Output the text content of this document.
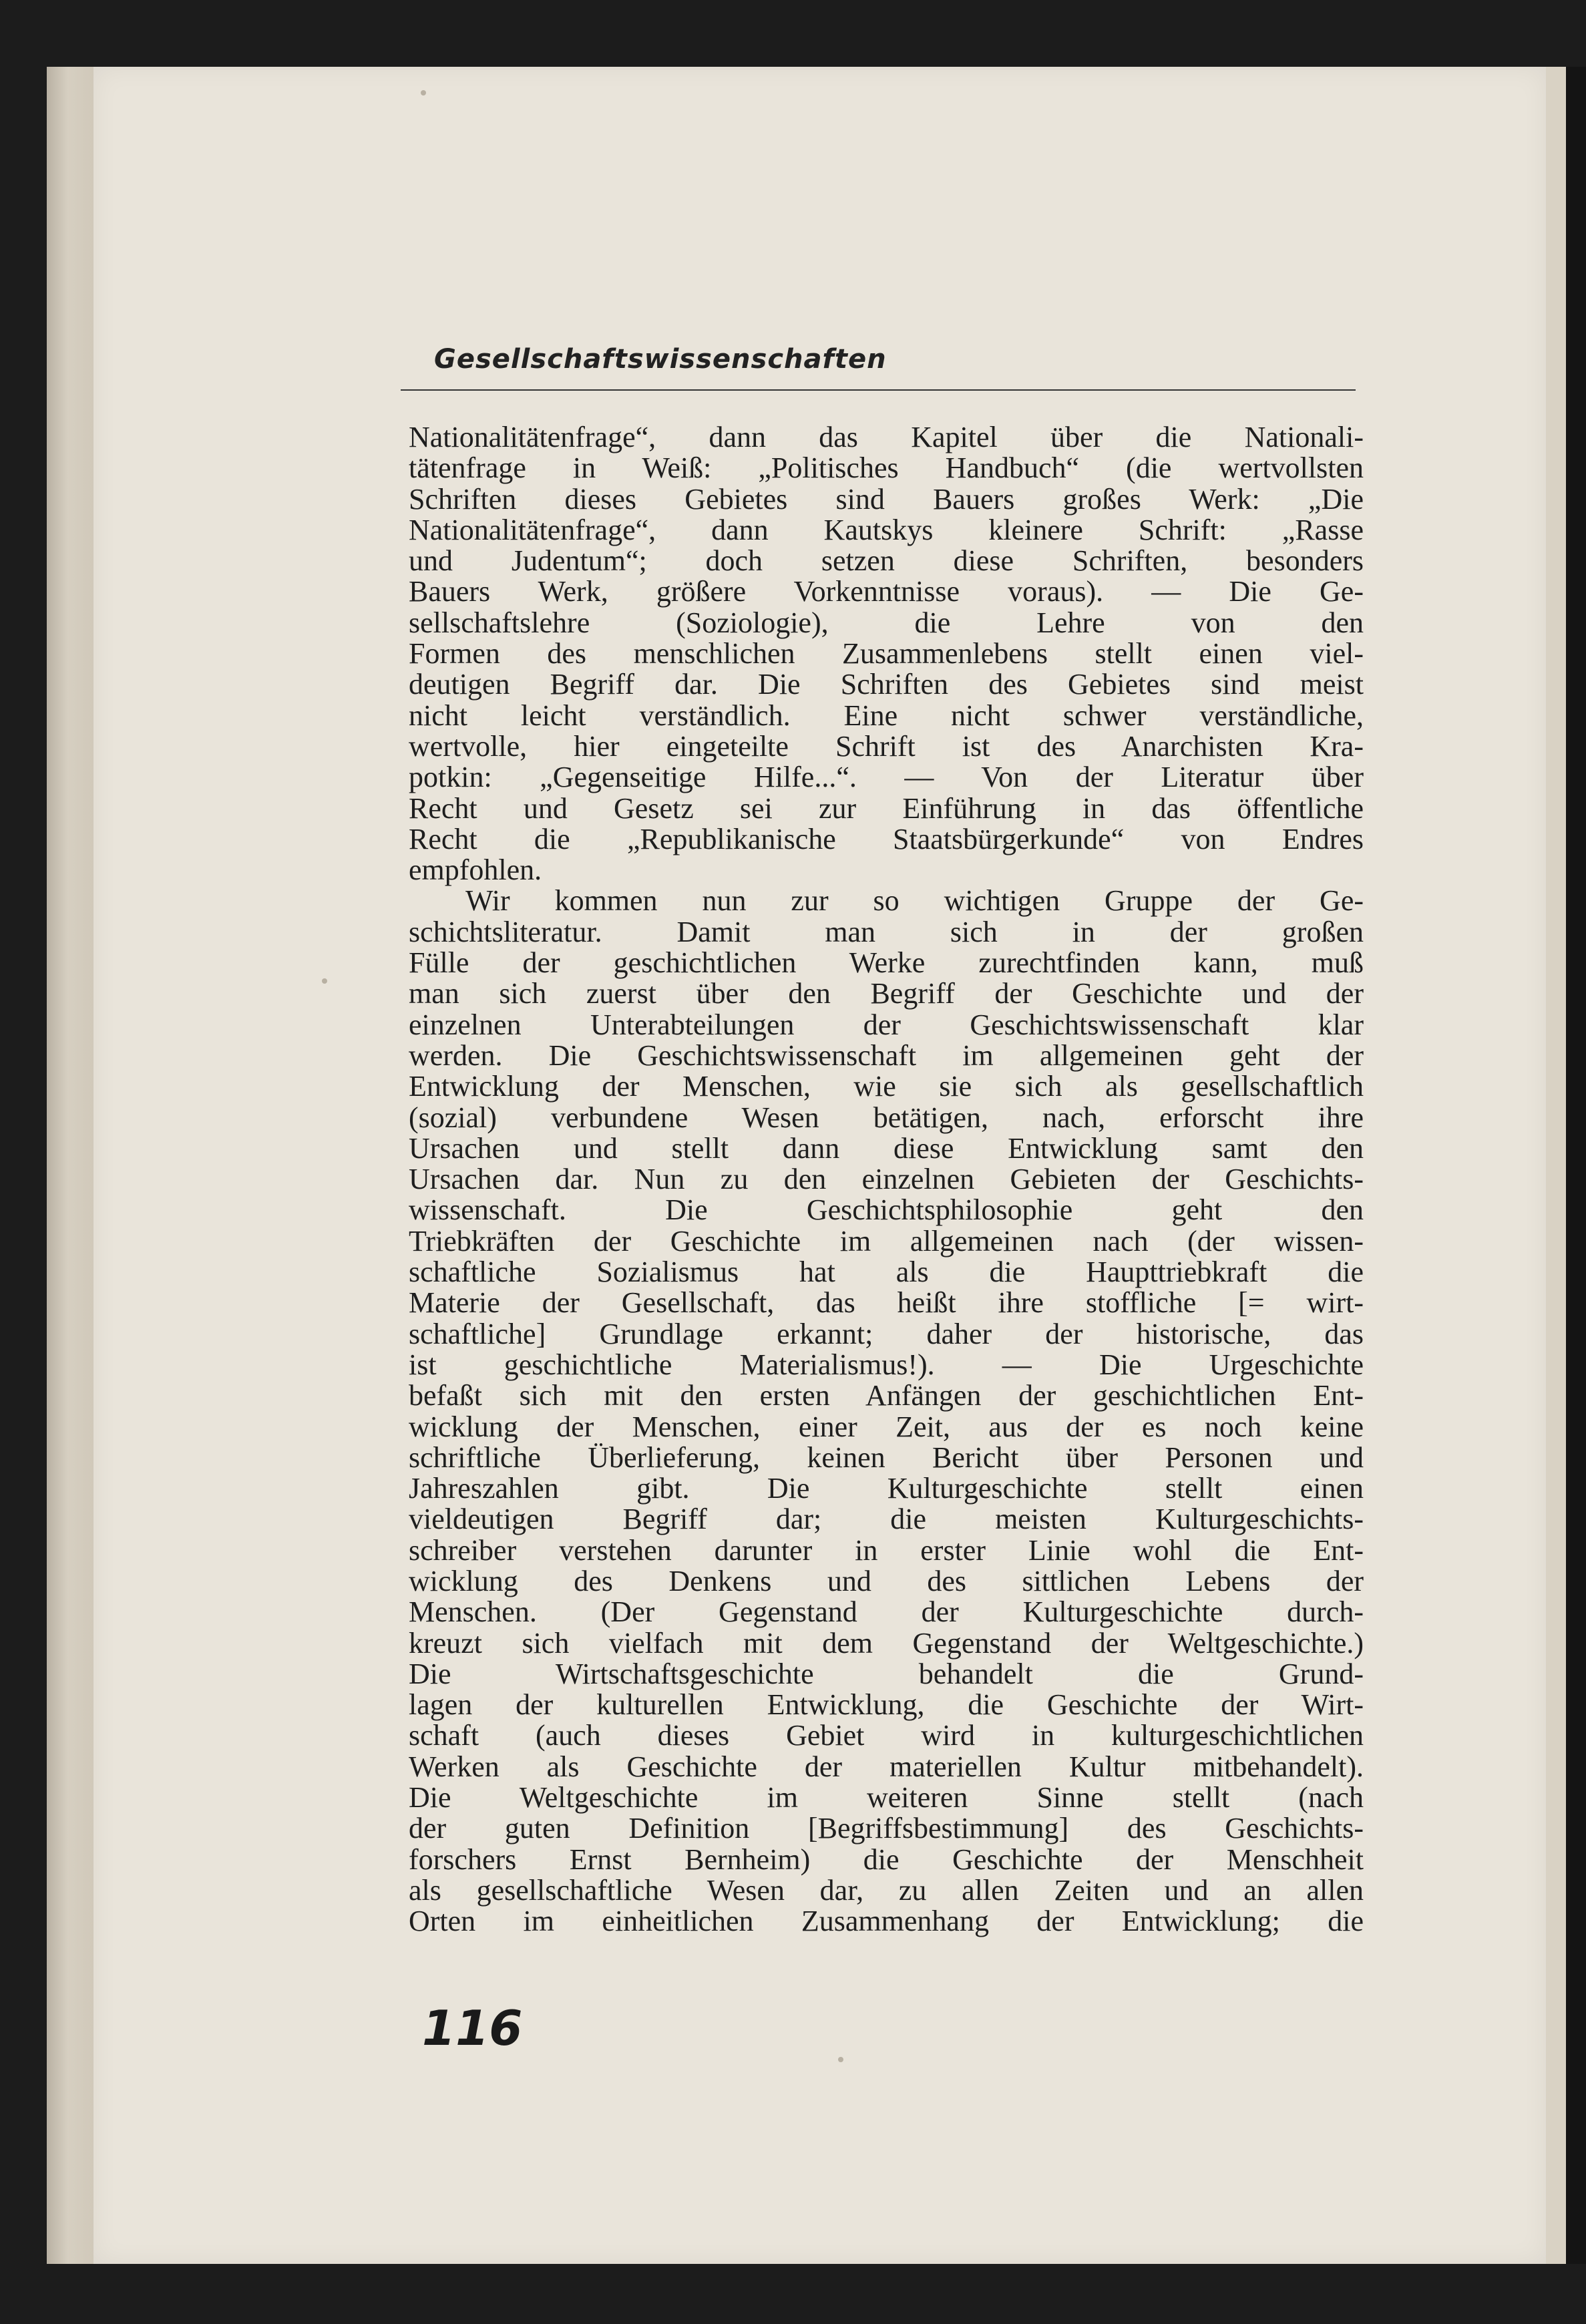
Gesellschaftswissenschaften
Nationalitätenfrage“, dann das Kapitel über die Nationali-
tätenfrage in Weiß: „Politisches Handbuch“ (die wertvollsten
Schriften dieses Gebietes sind Bauers großes Werk: „Die
Nationalitätenfrage“, dann Kautskys kleinere Schrift: „Rasse
und Judentum“; doch setzen diese Schriften, besonders
Bauers Werk, größere Vorkenntnisse voraus). — Die Ge-
sellschaftslehre (Soziologie), die Lehre von den
Formen des menschlichen Zusammenlebens stellt einen viel-
deutigen Begriff dar. Die Schriften des Gebietes sind meist
nicht leicht verständlich. Eine nicht schwer verständliche,
wertvolle, hier eingeteilte Schrift ist des Anarchisten Kra-
potkin: „Gegenseitige Hilfe...“. — Von der Literatur über
Recht und Gesetz sei zur Einführung in das öffentliche
Recht die „Republikanische Staatsbürgerkunde“ von Endres
empfohlen.
Wir kommen nun zur so wichtigen Gruppe der Ge-
schichtsliteratur. Damit man sich in der großen
Fülle der geschichtlichen Werke zurechtfinden kann, muß
man sich zuerst über den Begriff der Geschichte und der
einzelnen Unterabteilungen der Geschichtswissenschaft klar
werden. Die Geschichtswissenschaft im allgemeinen geht der
Entwicklung der Menschen, wie sie sich als gesellschaftlich
(sozial) verbundene Wesen betätigen, nach, erforscht ihre
Ursachen und stellt dann diese Entwicklung samt den
Ursachen dar. Nun zu den einzelnen Gebieten der Geschichts-
wissenschaft. Die Geschichtsphilosophie geht den
Triebkräften der Geschichte im allgemeinen nach (der wissen-
schaftliche Sozialismus hat als die Haupttriebkraft die
Materie der Gesellschaft, das heißt ihre stoffliche [= wirt-
schaftliche] Grundlage erkannt; daher der historische, das
ist geschichtliche Materialismus!). — Die Urgeschichte
befaßt sich mit den ersten Anfängen der geschichtlichen Ent-
wicklung der Menschen, einer Zeit, aus der es noch keine
schriftliche Überlieferung, keinen Bericht über Personen und
Jahreszahlen gibt. Die Kulturgeschichte stellt einen
vieldeutigen Begriff dar; die meisten Kulturgeschichts-
schreiber verstehen darunter in erster Linie wohl die Ent-
wicklung des Denkens und des sittlichen Lebens der
Menschen. (Der Gegenstand der Kulturgeschichte durch-
kreuzt sich vielfach mit dem Gegenstand der Weltgeschichte.)
Die Wirtschaftsgeschichte behandelt die Grund-
lagen der kulturellen Entwicklung, die Geschichte der Wirt-
schaft (auch dieses Gebiet wird in kulturgeschichtlichen
Werken als Geschichte der materiellen Kultur mitbehandelt).
Die Weltgeschichte im weiteren Sinne stellt (nach
der guten Definition [Begriffsbestimmung] des Geschichts-
forschers Ernst Bernheim) die Geschichte der Menschheit
als gesellschaftliche Wesen dar, zu allen Zeiten und an allen
Orten im einheitlichen Zusammenhang der Entwicklung; die
116
